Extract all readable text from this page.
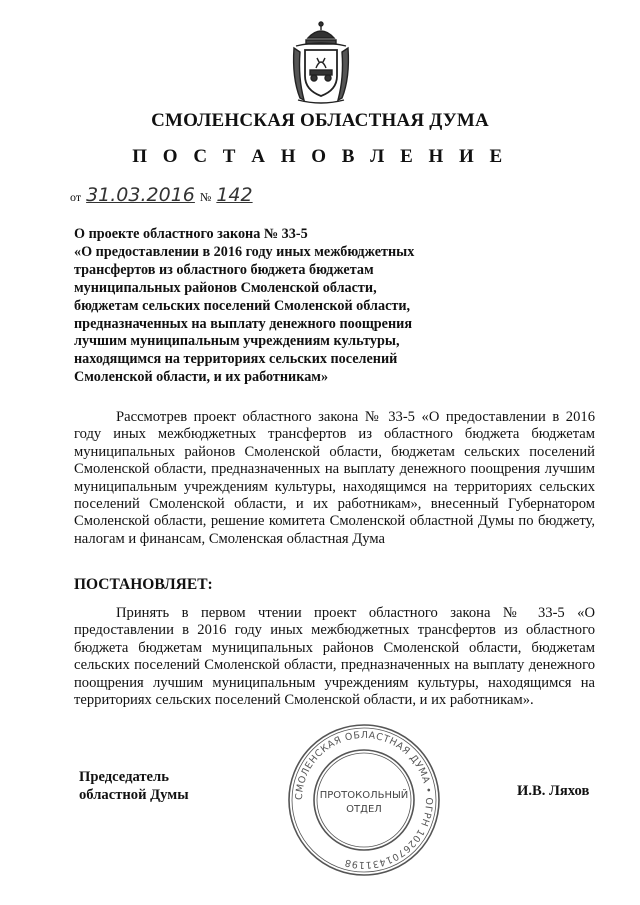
СМОЛЕНСКАЯ ОБЛАСТНАЯ ДУМА
П О С Т А Н О В Л Е Н И Е
от 31.03.2016 № 142

О проекте областного закона № 33-5

«О предоставлении в 2016 году иных межбюджетных

трансфертов из областного бюджета бюджетам

муниципальных районов Смоленской области,

бюджетам сельских поселений Смоленской области,

предназначенных на выплату денежного поощрения

лучшим муниципальным учреждениям культуры,

находящимся на территориях сельских поселений

Смоленской области, и их работникам»

Рассмотрев проект областного закона № 33-5 «О предоставлении в 2016 году иных межбюджетных трансфертов из областного бюджета бюджетам муниципальных районов Смоленской области, бюджетам сельских поселений Смоленской области, предназначенных на выплату денежного поощрения лучшим муниципальным учреждениям культуры, находящимся на территориях сельских поселений Смоленской области, и их работникам», внесенный Губернатором Смоленской области, решение комитета Смоленской областной Думы по бюджету, налогам и финансам, Смоленская областная Дума
ПОСТАНОВЛЯЕТ:
Принять в первом чтении проект областного закона № 33-5 «О предоставлении в 2016 году иных межбюджетных трансфертов из областного бюджета бюджетам муниципальных районов Смоленской области, бюджетам сельских поселений Смоленской области, предназначенных на выплату денежного поощрения лучшим муниципальным учреждениям культуры, находящимся на территориях сельских поселений Смоленской области, и их работникам».

Председатель

областной Думы	СМОЛЕНСКАЯ ОБЛАСТНАЯ ДУМА • ОГРН 1026701431198
ПРОТОКОЛЬНЫЙ
ОТДЕЛ
И.В. Ляхов
